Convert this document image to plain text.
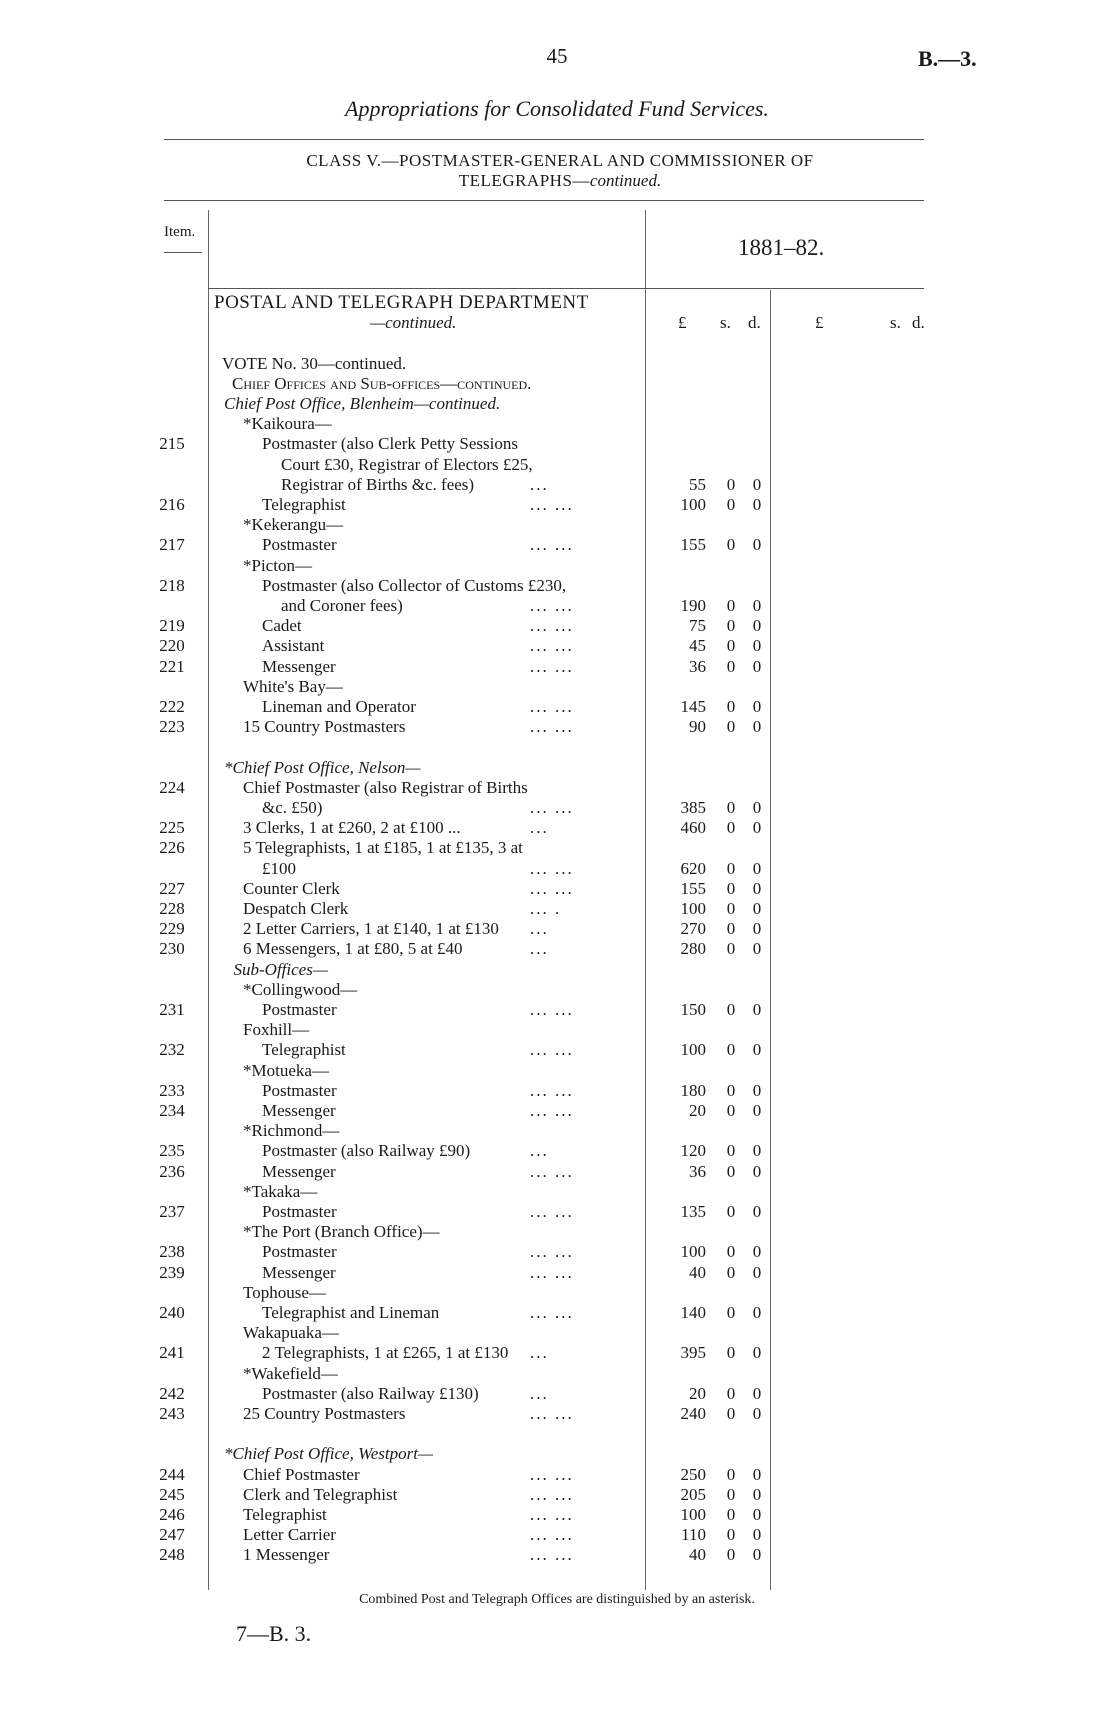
45	B.—3.
Appropriations for Consolidated Fund Services.
CLASS V.—POSTMASTER-GENERAL AND COMMISSIONER OF
TELEGRAPHS—continued.
Item.
1881–82.
POSTAL AND TELEGRAPH DEPARTMENT
—continued.	£ s. d.	£	s. d.
VOTE No. 30—continued.
Chief Offices and Sub-offices—continued.
Chief Post Office, Blenheim—continued.
*Kaikoura—
215	Postmaster (also Clerk Petty Sessions
Court £30, Registrar of Electors £25,
Registrar of Births &c. fees)	...	55 0 0
216	Telegraphist	... ...	100 0 0
*Kekerangu—
217	Postmaster	... ...	155 0 0
*Picton—
218	Postmaster (also Collector of Customs £230,
and Coroner fees)	... ...	190 0 0
219	Cadet	... ...	75 0 0
220	Assistant	... ...	45 0 0
221	Messenger	... ...	36 0 0
White's Bay—
222	Lineman and Operator	... ...	145 0 0
223	15 Country Postmasters	... ...	90 0 0
*Chief Post Office, Nelson—
224	Chief Postmaster (also Registrar of Births
&c. £50)	... ...	385 0 0
225	3 Clerks, 1 at £260, 2 at £100 ...	...	460 0 0
226	5 Telegraphists, 1 at £185, 1 at £135, 3 at
£100	... ...	620 0 0
227	Counter Clerk	... ...	155 0 0
228	Despatch Clerk	... .	100 0 0
229	2 Letter Carriers, 1 at £140, 1 at £130 ...	270 0 0
230	6 Messengers, 1 at £80, 5 at £40	...	280 0 0
Sub-Offices—
*Collingwood—
231	Postmaster	... ...	150 0 0
Foxhill—
232	Telegraphist	... ...	100 0 0
*Motueka—
233	Postmaster	... ...	180 0 0
234	Messenger	... ...	20 0 0
*Richmond—
235	Postmaster (also Railway £90)	...	120 0 0
236	Messenger	... ...	36 0 0
*Takaka—
237	Postmaster	... ...	135 0 0
*The Port (Branch Office)—
238	Postmaster	... ...	100 0 0
239	Messenger	... ...	40 0 0
Tophouse—
240	Telegraphist and Lineman	... ...	140 0 0
Wakapuaka—
241	2 Telegraphists, 1 at £265, 1 at £130 ...	395 0 0
*Wakefield—
242	Postmaster (also Railway £130)	...	20 0 0
243	25 Country Postmasters	... ...	240 0 0
*Chief Post Office, Westport—
244	Chief Postmaster	... ...	250 0 0
245	Clerk and Telegraphist	... ...	205 0 0
246	Telegraphist	... ...	100 0 0
247	Letter Carrier	... ...	110 0 0
248	1 Messenger	... ...	40 0 0
Combined Post and Telegraph Offices are distinguished by an asterisk.
7—B. 3.
